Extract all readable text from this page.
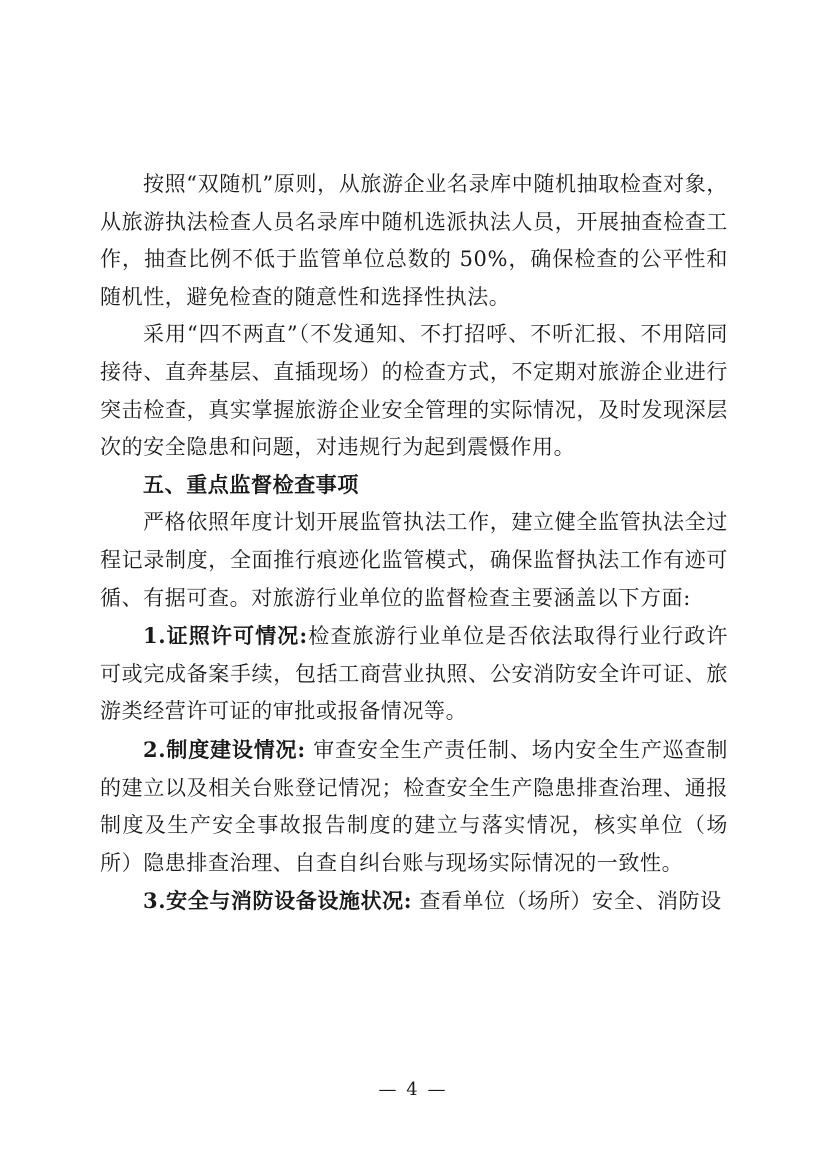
按照“双随机”原则，从旅游企业名录库中随机抽取检查对象，从旅游执法检查人员名录库中随机选派执法人员，开展抽查检查工作，抽查比例不低于监管单位总数的 50%，确保检查的公平性和随机性，避免检查的随意性和选择性执法。

采用“四不两直”（不发通知、不打招呼、不听汇报、不用陪同接待、直奔基层、直插现场）的检查方式，不定期对旅游企业进行突击检查，真实掌握旅游企业安全管理的实际情况，及时发现深层次的安全隐患和问题，对违规行为起到震慑作用。

五、重点监督检查事项

严格依照年度计划开展监管执法工作，建立健全监管执法全过程记录制度，全面推行痕迹化监管模式，确保监督执法工作有迹可循、有据可查。对旅游行业单位的监督检查主要涵盖以下方面:

1.证照许可情况:检查旅游行业单位是否依法取得行业行政许可或完成备案手续，包括工商营业执照、公安消防安全许可证、旅游类经营许可证的审批或报备情况等。

2.制度建设情况: 审查安全生产责任制、场内安全生产巡查制的建立以及相关台账登记情况；检查安全生产隐患排查治理、通报制度及生产安全事故报告制度的建立与落实情况，核实单位（场所）隐患排查治理、自查自纠台账与现场实际情况的一致性。

3.安全与消防设备设施状况: 查看单位（场所）安全、消防设

— 4 —
